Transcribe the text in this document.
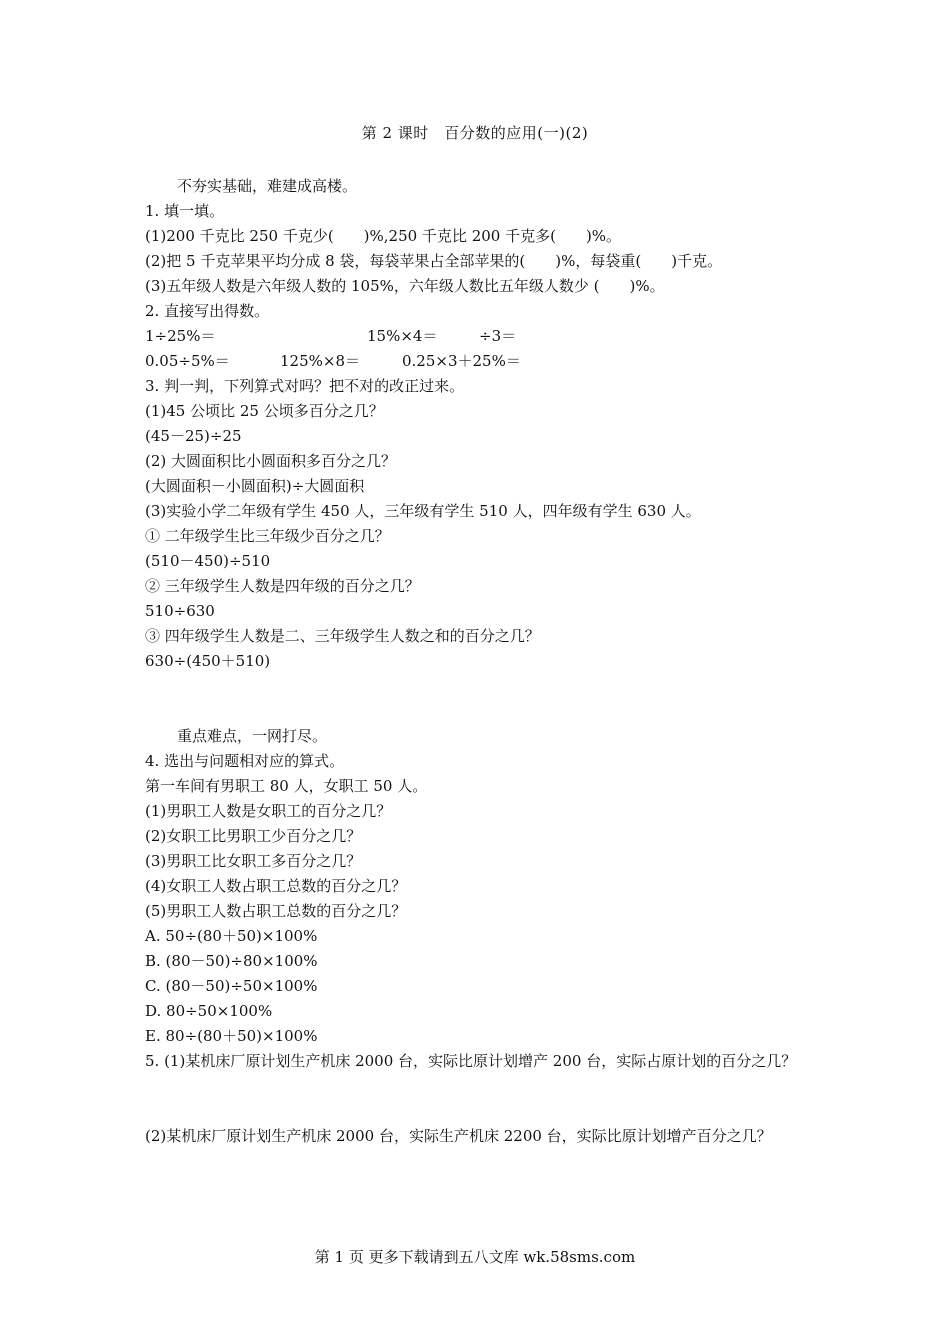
第 2 课时　百分数的应用(一)(2)
不夯实基础，难建成高楼。
1. 填一填。
(1)200 千克比 250 千克少(　　)%,250 千克比 200 千克多(　　)%。
(2)把 5 千克苹果平均分成 8 袋，每袋苹果占全部苹果的(　　)%，每袋重(　　)千克。
(3)五年级人数是六年级人数的 105%，六年级人数比五年级人数少 (　　)%。
2. 直接写出得数。
1÷25%＝	15%×4＝	÷3＝
0.05÷5%＝	125%×8＝	0.25×3＋25%＝
3. 判一判，下列算式对吗？把不对的改正过来。
(1)45 公顷比 25 公顷多百分之几？
(45－25)÷25
(2) 大圆面积比小圆面积多百分之几？
(大圆面积－小圆面积)÷大圆面积
(3)实验小学二年级有学生 450 人，三年级有学生 510 人，四年级有学生 630 人。
① 二年级学生比三年级少百分之几？
(510－450)÷510
② 三年级学生人数是四年级的百分之几？
510÷630
③ 四年级学生人数是二、三年级学生人数之和的百分之几？
630÷(450＋510)
重点难点，一网打尽。
4. 选出与问题相对应的算式。
第一车间有男职工 80 人，女职工 50 人。
(1)男职工人数是女职工的百分之几？
(2)女职工比男职工少百分之几？
(3)男职工比女职工多百分之几？
(4)女职工人数占职工总数的百分之几？
(5)男职工人数占职工总数的百分之几？
A. 50÷(80＋50)×100%
B. (80－50)÷80×100%
C. (80－50)÷50×100%
D. 80÷50×100%
E. 80÷(80＋50)×100%
5. (1)某机床厂原计划生产机床 2000 台，实际比原计划增产 200 台，实际占原计划的百分之几？
(2)某机床厂原计划生产机床 2000 台，实际生产机床 2200 台，实际比原计划增产百分之几？
第 1 页 更多下载请到五八文库 wk.58sms.com
